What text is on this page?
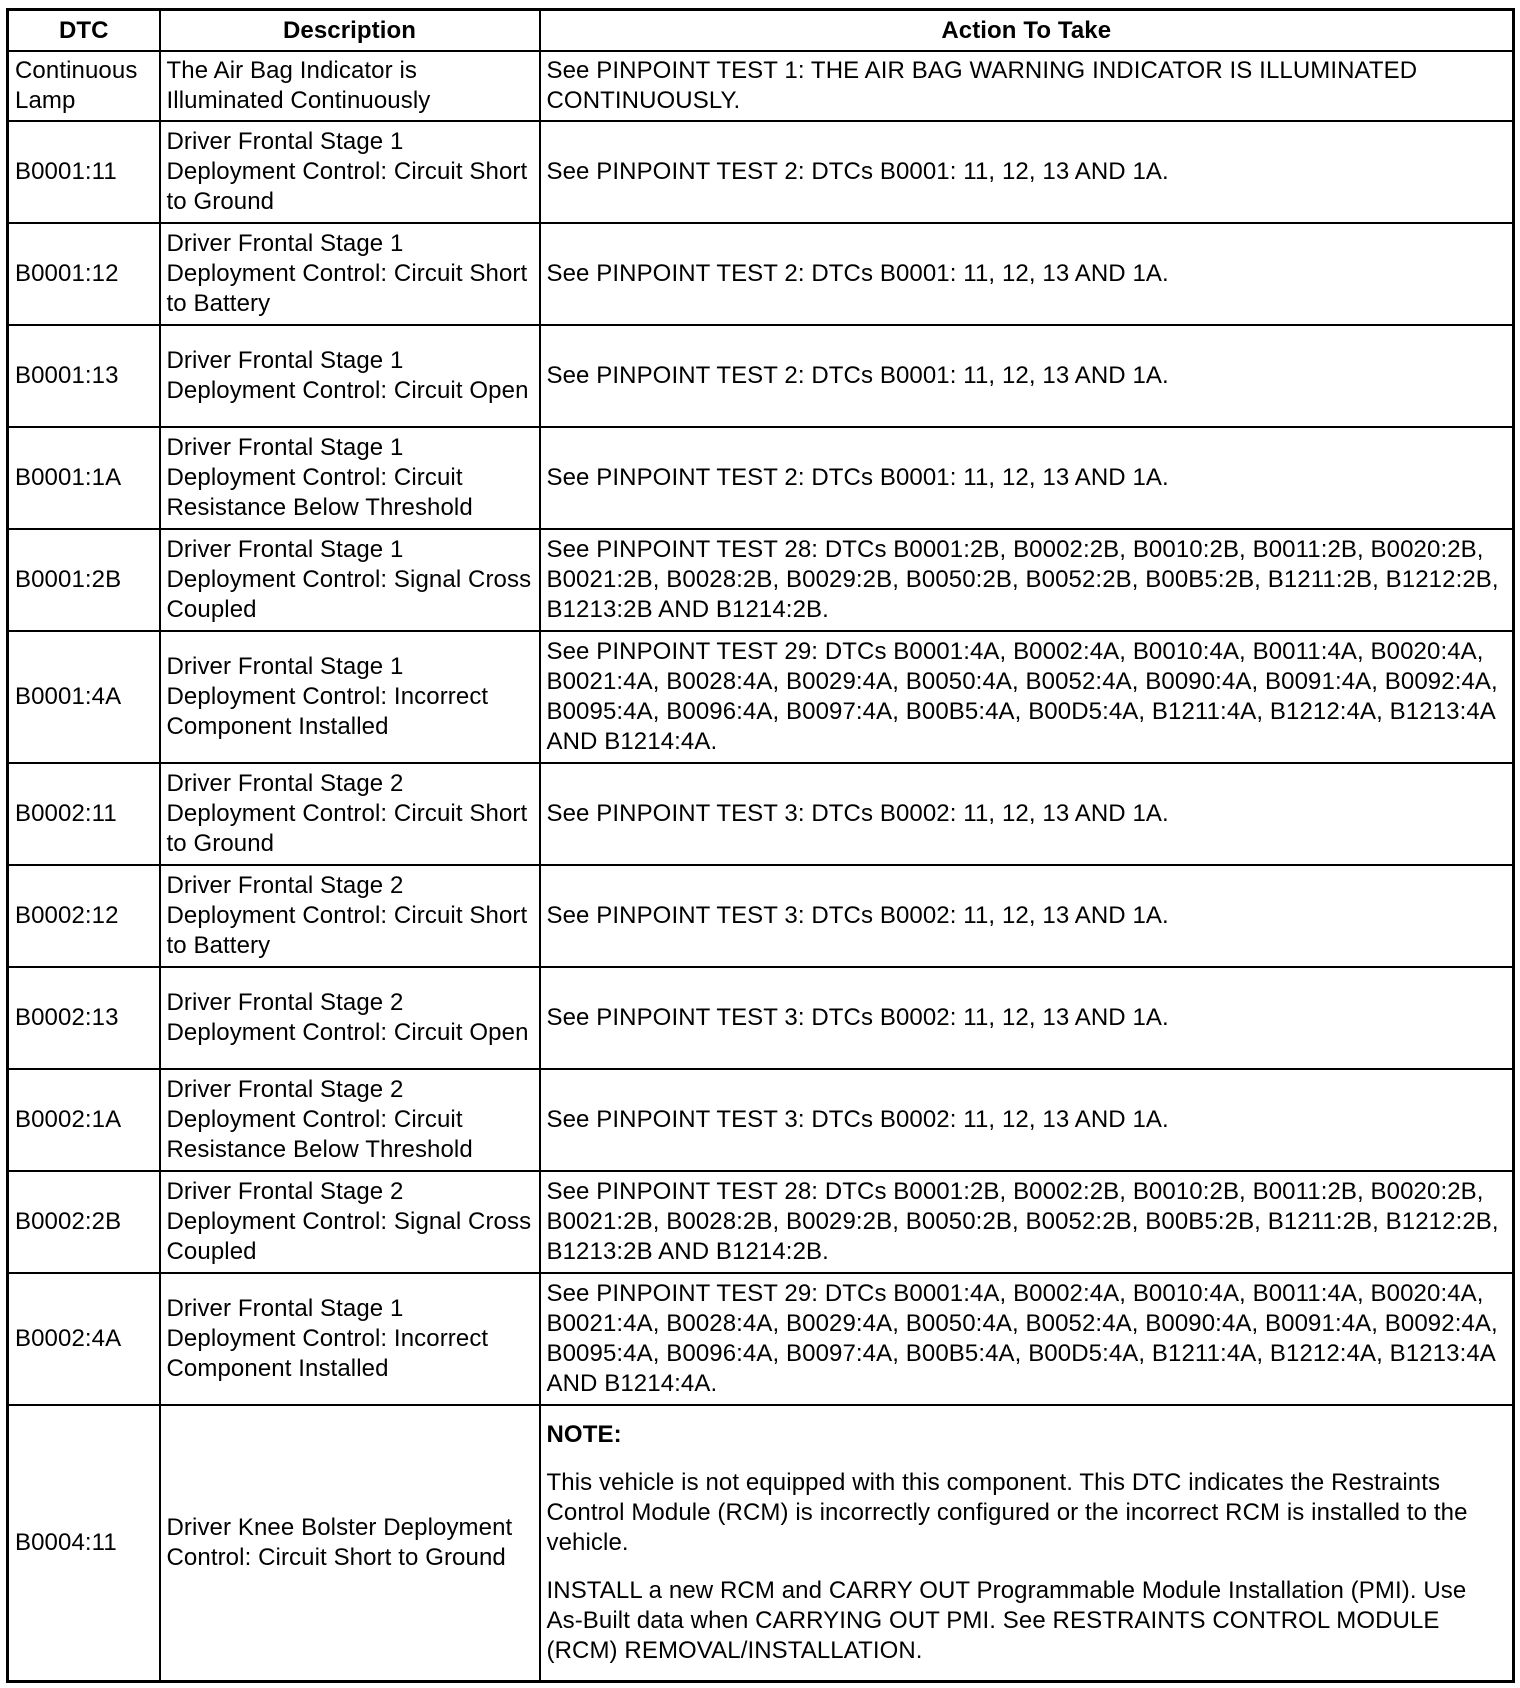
DTC	Description	Action To Take
Continuous Lamp	The Air Bag Indicator is Illuminated Continuously	See PINPOINT TEST 1: THE AIR BAG WARNING INDICATOR IS ILLUMINATED CONTINUOUSLY.
B0001:11	Driver Frontal Stage 1 Deployment Control: Circuit Short to Ground	See PINPOINT TEST 2: DTCs B0001: 11, 12, 13 AND 1A.
B0001:12	Driver Frontal Stage 1 Deployment Control: Circuit Short to Battery	See PINPOINT TEST 2: DTCs B0001: 11, 12, 13 AND 1A.
B0001:13	Driver Frontal Stage 1 Deployment Control: Circuit Open	See PINPOINT TEST 2: DTCs B0001: 11, 12, 13 AND 1A.
B0001:1A	Driver Frontal Stage 1 Deployment Control: Circuit Resistance Below Threshold	See PINPOINT TEST 2: DTCs B0001: 11, 12, 13 AND 1A.
B0001:2B	Driver Frontal Stage 1 Deployment Control: Signal Cross Coupled	See PINPOINT TEST 28: DTCs B0001:2B, B0002:2B, B0010:2B, B0011:2B, B0020:2B, B0021:2B, B0028:2B, B0029:2B, B0050:2B, B0052:2B, B00B5:2B, B1211:2B, B1212:2B, B1213:2B AND B1214:2B.
B0001:4A	Driver Frontal Stage 1 Deployment Control: Incorrect Component Installed	See PINPOINT TEST 29: DTCs B0001:4A, B0002:4A, B0010:4A, B0011:4A, B0020:4A, B0021:4A, B0028:4A, B0029:4A, B0050:4A, B0052:4A, B0090:4A, B0091:4A, B0092:4A, B0095:4A, B0096:4A, B0097:4A, B00B5:4A, B00D5:4A, B1211:4A, B1212:4A, B1213:4A AND B1214:4A.
B0002:11	Driver Frontal Stage 2 Deployment Control: Circuit Short to Ground	See PINPOINT TEST 3: DTCs B0002: 11, 12, 13 AND 1A.
B0002:12	Driver Frontal Stage 2 Deployment Control: Circuit Short to Battery	See PINPOINT TEST 3: DTCs B0002: 11, 12, 13 AND 1A.
B0002:13	Driver Frontal Stage 2 Deployment Control: Circuit Open	See PINPOINT TEST 3: DTCs B0002: 11, 12, 13 AND 1A.
B0002:1A	Driver Frontal Stage 2 Deployment Control: Circuit Resistance Below Threshold	See PINPOINT TEST 3: DTCs B0002: 11, 12, 13 AND 1A.
B0002:2B	Driver Frontal Stage 2 Deployment Control: Signal Cross Coupled	See PINPOINT TEST 28: DTCs B0001:2B, B0002:2B, B0010:2B, B0011:2B, B0020:2B, B0021:2B, B0028:2B, B0029:2B, B0050:2B, B0052:2B, B00B5:2B, B1211:2B, B1212:2B, B1213:2B AND B1214:2B.
B0002:4A	Driver Frontal Stage 1 Deployment Control: Incorrect Component Installed	See PINPOINT TEST 29: DTCs B0001:4A, B0002:4A, B0010:4A, B0011:4A, B0020:4A, B0021:4A, B0028:4A, B0029:4A, B0050:4A, B0052:4A, B0090:4A, B0091:4A, B0092:4A, B0095:4A, B0096:4A, B0097:4A, B00B5:4A, B00D5:4A, B1211:4A, B1212:4A, B1213:4A AND B1214:4A.
B0004:11	Driver Knee Bolster Deployment Control: Circuit Short to Ground	NOTE:

This vehicle is not equipped with this component. This DTC indicates the Restraints Control Module (RCM) is incorrectly configured or the incorrect RCM is installed to the vehicle.

INSTALL a new RCM and CARRY OUT Programmable Module Installation (PMI). Use As-Built data when CARRYING OUT PMI. See RESTRAINTS CONTROL MODULE (RCM) REMOVAL/INSTALLATION.
